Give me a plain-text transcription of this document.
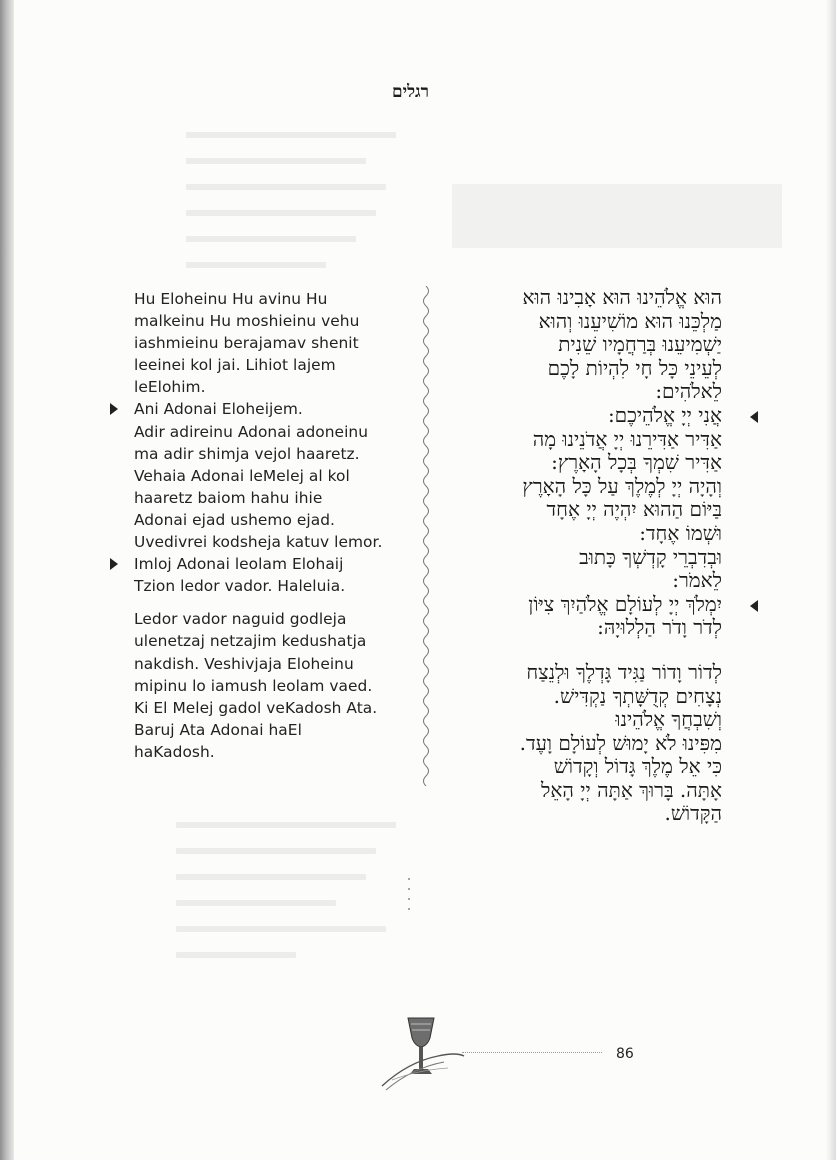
רגלים

Hu Eloheinu Hu avinu Hu
malkeinu Hu moshieinu vehu
iashmieinu berajamav shenit
leeinei kol jai. Lihiot lajem
leElohim.
Ani Adonai Eloheijem.
Adir adireinu Adonai adoneinu
ma adir shimja vejol haaretz.
Vehaia Adonai leMelej al kol
haaretz baiom hahu ihie
Adonai ejad ushemo ejad.
Uvedivrei kodsheja katuv lemor.
Imloj Adonai leolam Elohaij
Tzion ledor vador. Haleluia.

Ledor vador naguid godleja
ulenetzaj netzajim kedushatja
nakdish. Veshivjaja Eloheinu
mipinu lo iamush leolam vaed.
Ki El Melej gadol veKadosh Ata.
Baruj Ata Adonai haEl
haKadosh.

הוּא אֱלֹהֵינוּ הוּא אָבִינוּ הוּא
מַלְכֵּנוּ הוּא מוֹשִׁיעֵנוּ וְהוּא
יַשְׁמִיעֵנוּ בְּרַחֲמָיו שֵׁנִית
לְעֵינֵי כָּל חָי לִהְיוֹת לָכֶם
לֵאלֹהִים:
אֲנִי יְיָ אֱלֹהֵיכֶם:
אַדִּיר אַדִּירֵנוּ יְיָ אֲדֹנֵינוּ מָה
אַדִּיר שִׁמְךָ בְּכָל הָאָרֶץ:
וְהָיָה יְיָ לְמֶלֶךְ עַל כָּל הָאָרֶץ
בַּיּוֹם הַהוּא יִהְיֶה יְיָ אֶחָד
וּשְׁמוֹ אֶחָד:
וּבְדִבְרֵי קָדְשְׁךָ כָּתוּב
לֵאמֹר:
יִמְלֹךְ יְיָ לְעוֹלָם אֱלֹהַיִךְ צִיּוֹן
לְדֹר וָדֹר הַלְלוּיָהּ:

לְדוֹר וָדוֹר נַגִּיד גָּדְלֶךָ וּלְנֵצַח
נְצָחִים קְדֻשָּׁתְךָ נַקְדִּישׁ.
וְשִׁבְחֲךָ אֱלֹהֵינוּ
מִפִּינוּ לֹא יָמוּשׁ לְעוֹלָם וָעֶד.
כִּי אֵל מֶלֶךְ גָּדוֹל וְקָדוֹשׁ
אָתָּה. בָּרוּךְ אַתָּה יְיָ הָאֵל
הַקָּדוֹשׁ.

86
